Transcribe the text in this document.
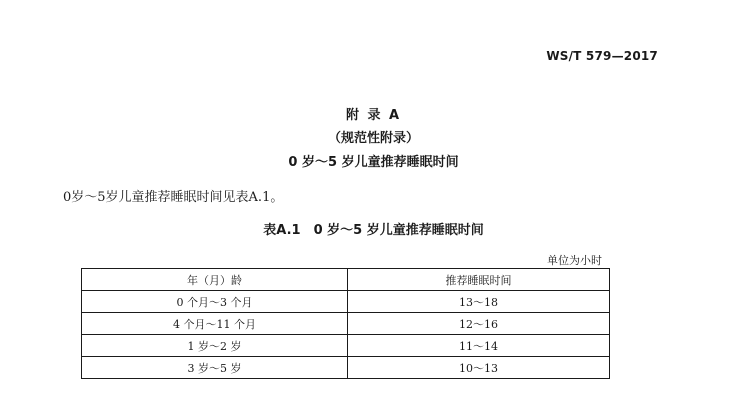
WS/T 579—2017
附 录 A
（规范性附录）
0 岁～5 岁儿童推荐睡眠时间
0岁～5岁儿童推荐睡眠时间见表A.1。
表A.1　0 岁～5 岁儿童推荐睡眠时间
单位为小时
年（月）龄	推荐睡眠时间
0 个月～3 个月	13～18
4 个月～11 个月	12～16
1 岁～2 岁	11～14
3 岁～5 岁	10～13
